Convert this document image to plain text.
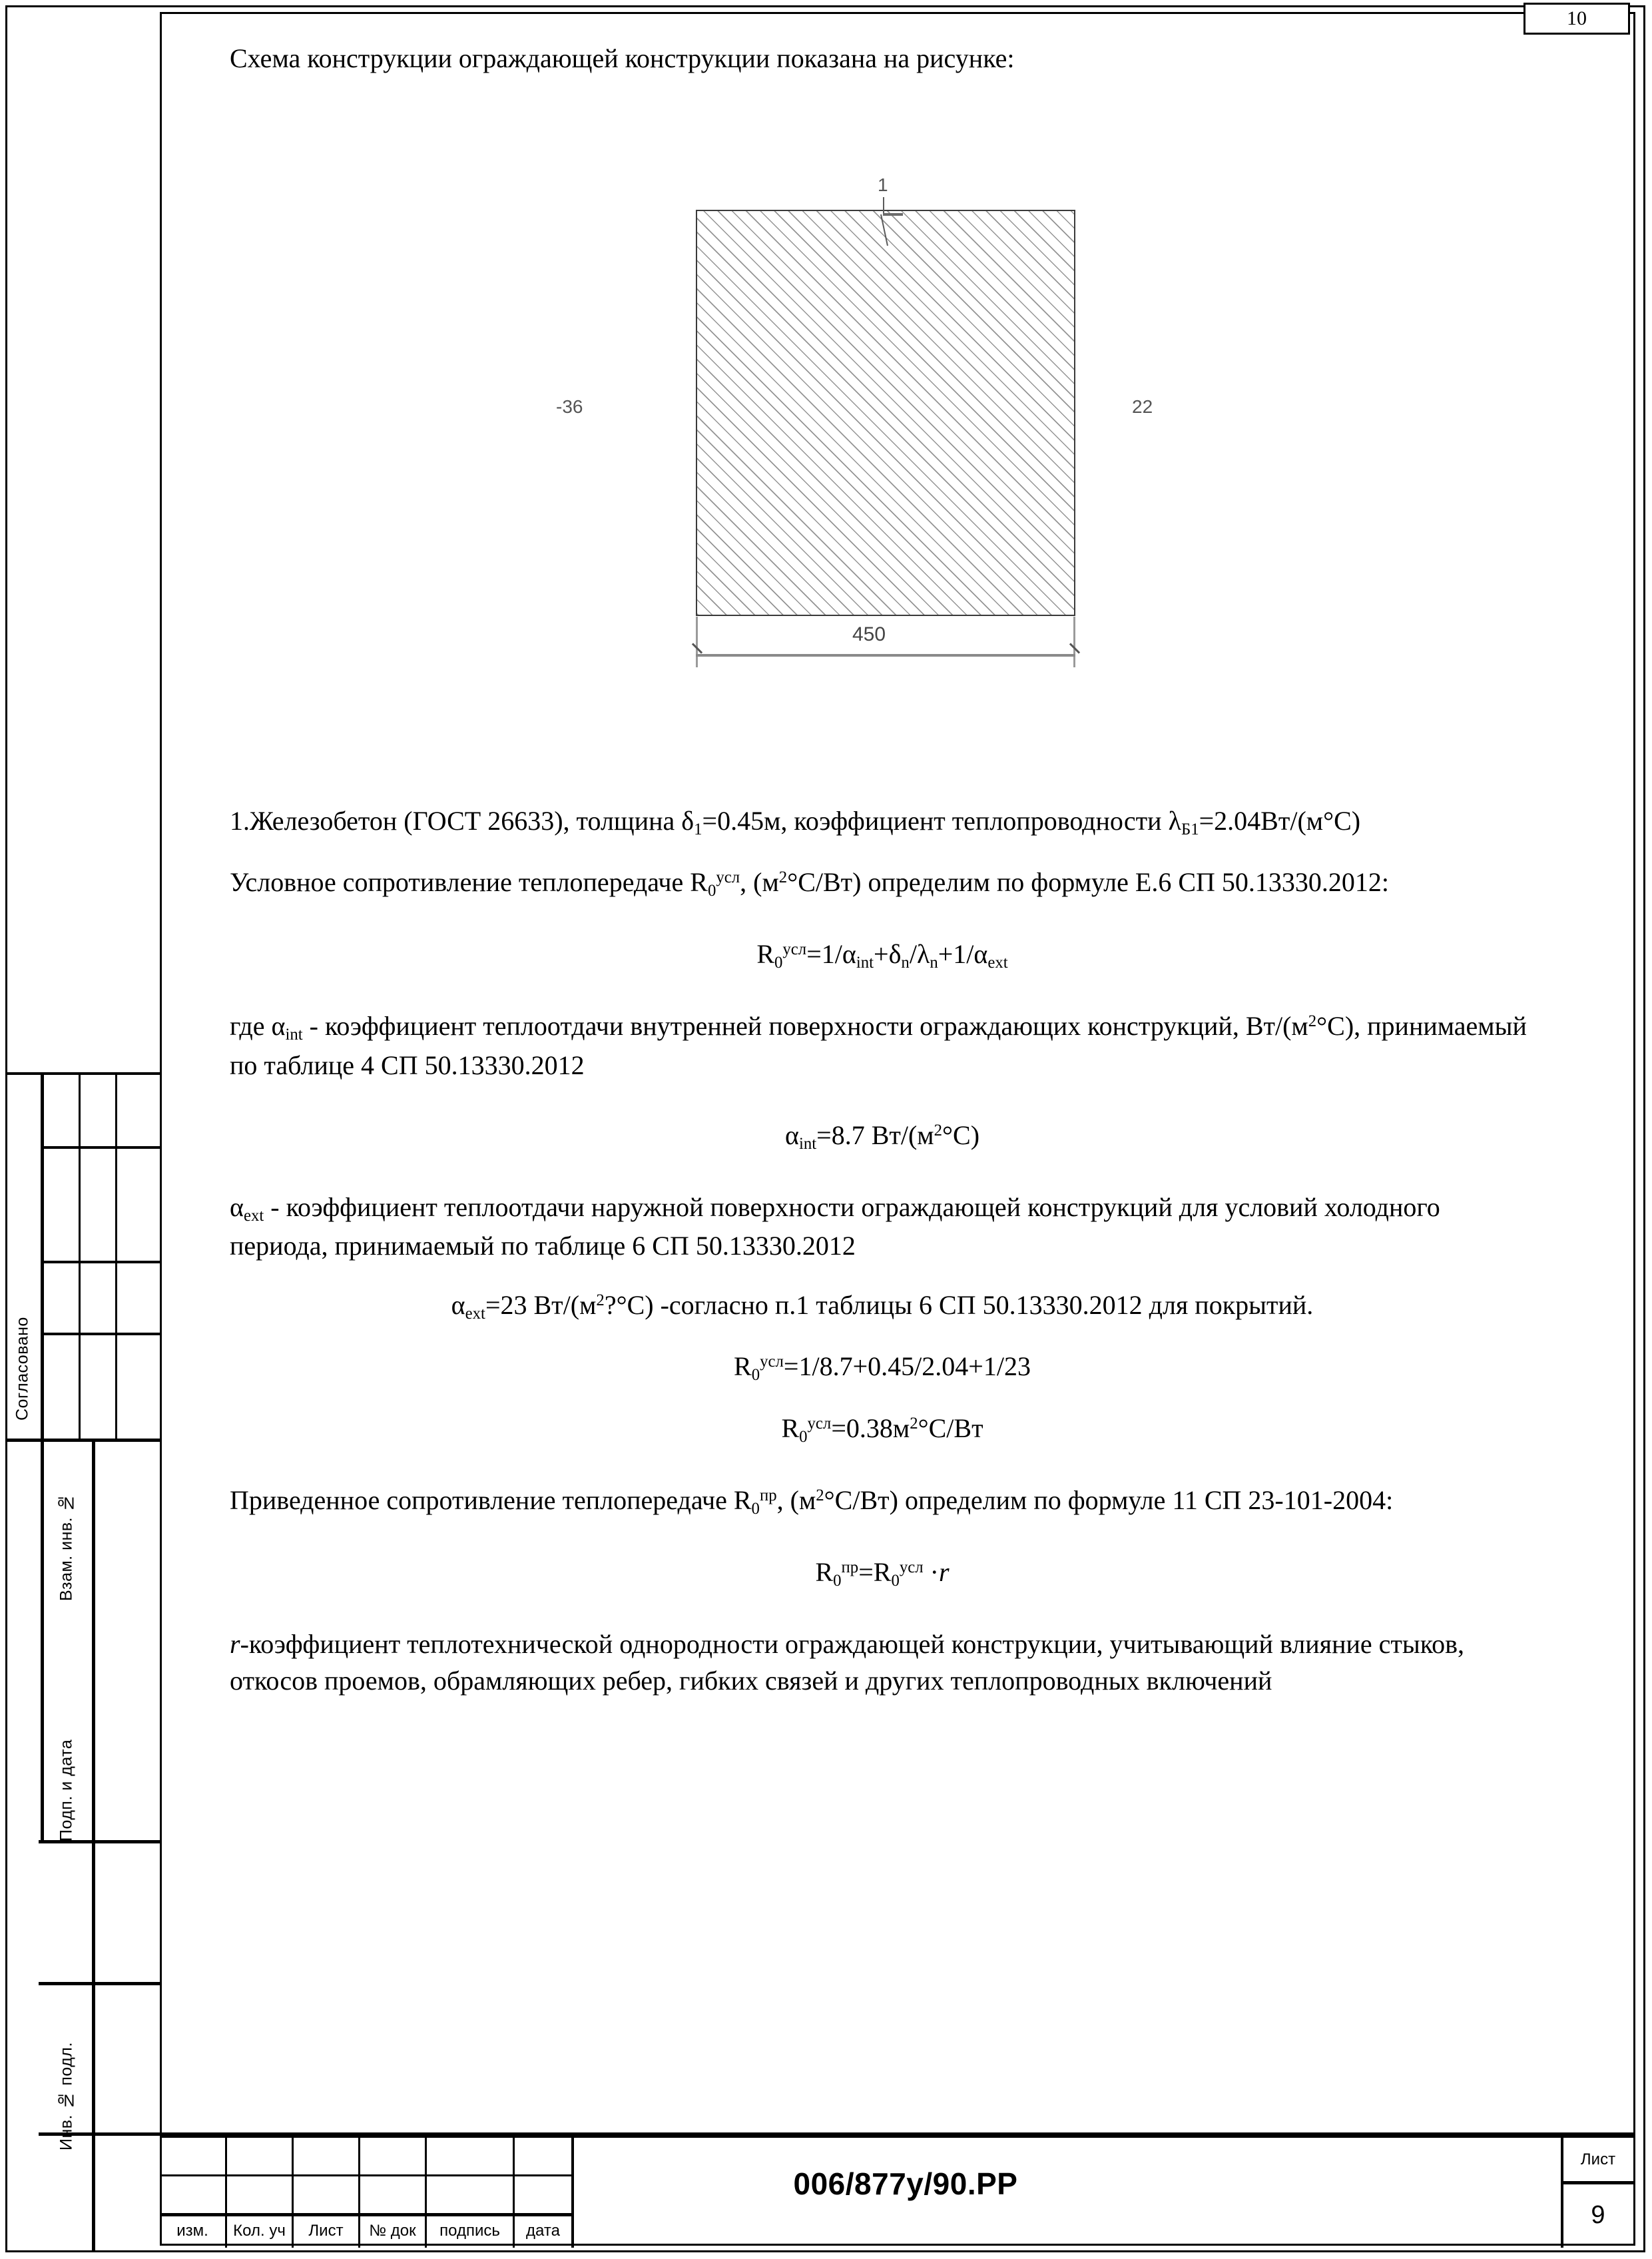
10
Согласовано
Взам. инв. №
Подп. и дата
Инв. № подл.

Схема конструкции ограждающей конструкции показана на рисунке:

1
-36	22
450

1.Железобетон (ГОСТ 26633), толщина $\delta_1=0.45м$, коэффициент теплопроводности $\lambda_{Б1}=2.04Вт/(м^\circ С)$

Условное сопротивление теплопередаче $R_0^{усл}$, $(м^2^\circ С/Вт)$ определим по формуле Е.6 СП 50.13330.2012:

$R_0^{усл}=1/\alpha_{int}+\delta_n/\lambda_n+1/\alpha_{ext}$

где $\alpha_{int}$ - коэффициент теплоотдачи внутренней поверхности ограждающих конструкций, $Вт/(м^2^\circ С)$, принимаемый по таблице 4 СП 50.13330.2012

$\alpha_{int}=8.7$ $Вт/(м^2^\circ С)$

$\alpha_{ext}$ - коэффициент теплоотдачи наружной поверхности ограждающей конструкций для условий холодного периода, принимаемый по таблице 6 СП 50.13330.2012

$\alpha_{ext}=23$ $Вт/(м^2?^\circ С)$ -согласно п.1 таблицы 6 СП 50.13330.2012 для покрытий.

$R_0^{усл}=1/8.7+0.45/2.04+1/23$

$R_0^{усл}=0.38м^2^\circ С/Вт$

Приведенное сопротивление теплопередаче $R_0^{пр}$, $(м^2^\circ С/Вт)$ определим по формуле 11 СП 23-101-2004:

$R_0^{пр}=R_0^{усл} \cdot r$

r-коэффициент теплотехнической однородности ограждающей конструкции, учитывающий влияние стыков, откосов проемов, обрамляющих ребер, гибких связей и других теплопроводных включений

изм. Кол. уч Лист № док подпись дата
006/877у/90.РР
Лист
9
